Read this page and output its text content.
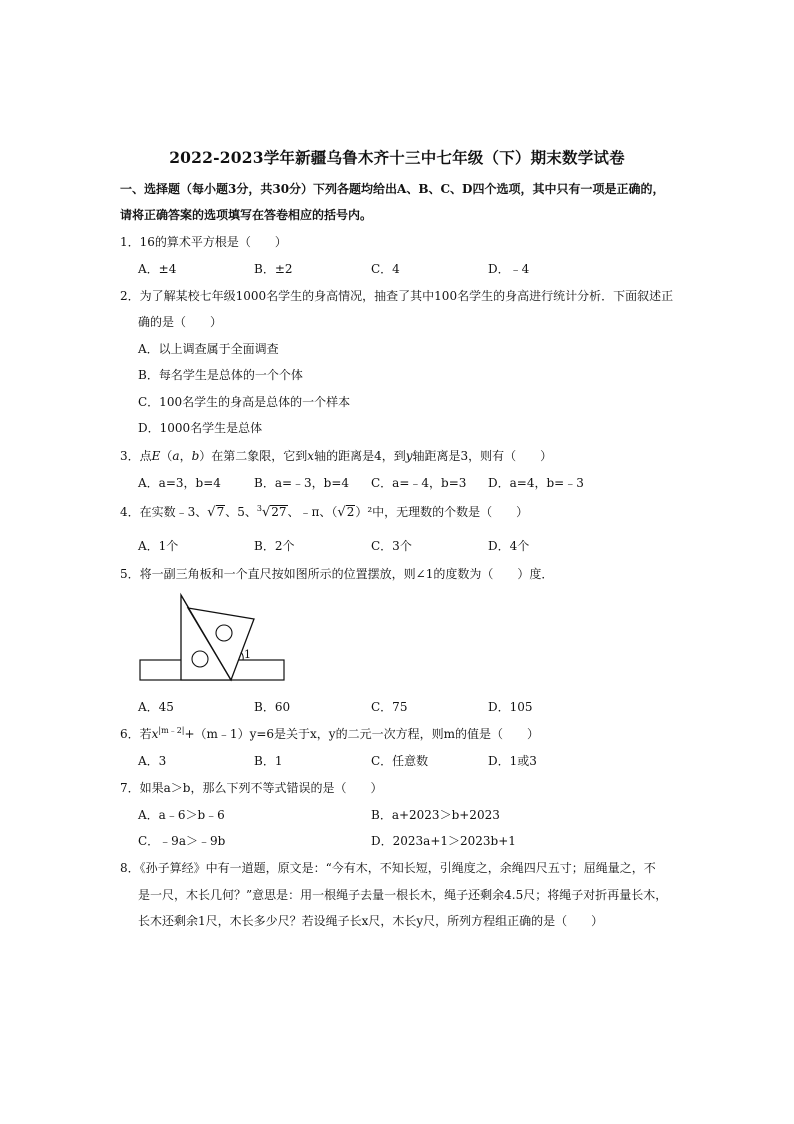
2022-2023学年新疆乌鲁木齐十三中七年级（下）期末数学试卷
一、选择题（每小题3分，共30分）下列各题均给出A、B、C、D四个选项，其中只有一项是正确的，
请将正确答案的选项填写在答卷相应的括号内。
1．16的算术平方根是（　　）
A．±4	B．±2	C．4	D．﹣4
2．为了解某校七年级1000名学生的身高情况，抽查了其中100名学生的身高进行统计分析．下面叙述正
确的是（　　）
A．以上调查属于全面调查
B．每名学生是总体的一个个体
C．100名学生的身高是总体的一个样本
D．1000名学生是总体
3．点E（a，b）在第二象限，它到x轴的距离是4，到y轴距离是3，则有（　　）
A．a=3，b=4	B．a=﹣3，b=4 C．a=﹣4，b=3 D．a=4，b=﹣3
4．在实数﹣3、√7、5、$^3$√27、﹣π、（√2）²中，无理数的个数是（　　）
A．1个	B．2个	C．3个	D．4个
5．将一副三角板和一个直尺按如图所示的位置摆放，则∠1的度数为（　　）度．
1
A．45	B．60	C．75	D．105
6．若$x^{|m﹣2|}+(m﹣1)y=6$是关于x，y的二元一次方程，则m的值是（　　）
A．3	B．1	C．任意数	D．1或3
7．如果a＞b，那么下列不等式错误的是（　　）
A．a﹣6＞b﹣6	B．a+2023＞b+2023
C．﹣9a＞﹣9b	D．2023a+1＞2023b+1
8．《孙子算经》中有一道题，原文是：“今有木，不知长短，引绳度之，余绳四尺五寸；屈绳量之，不
是一尺，木长几何？”意思是：用一根绳子去量一根长木，绳子还剩余4.5尺；将绳子对折再量长木，
长木还剩余1尺，木长多少尺？若设绳子长x尺，木长y尺，所列方程组正确的是（　　）
